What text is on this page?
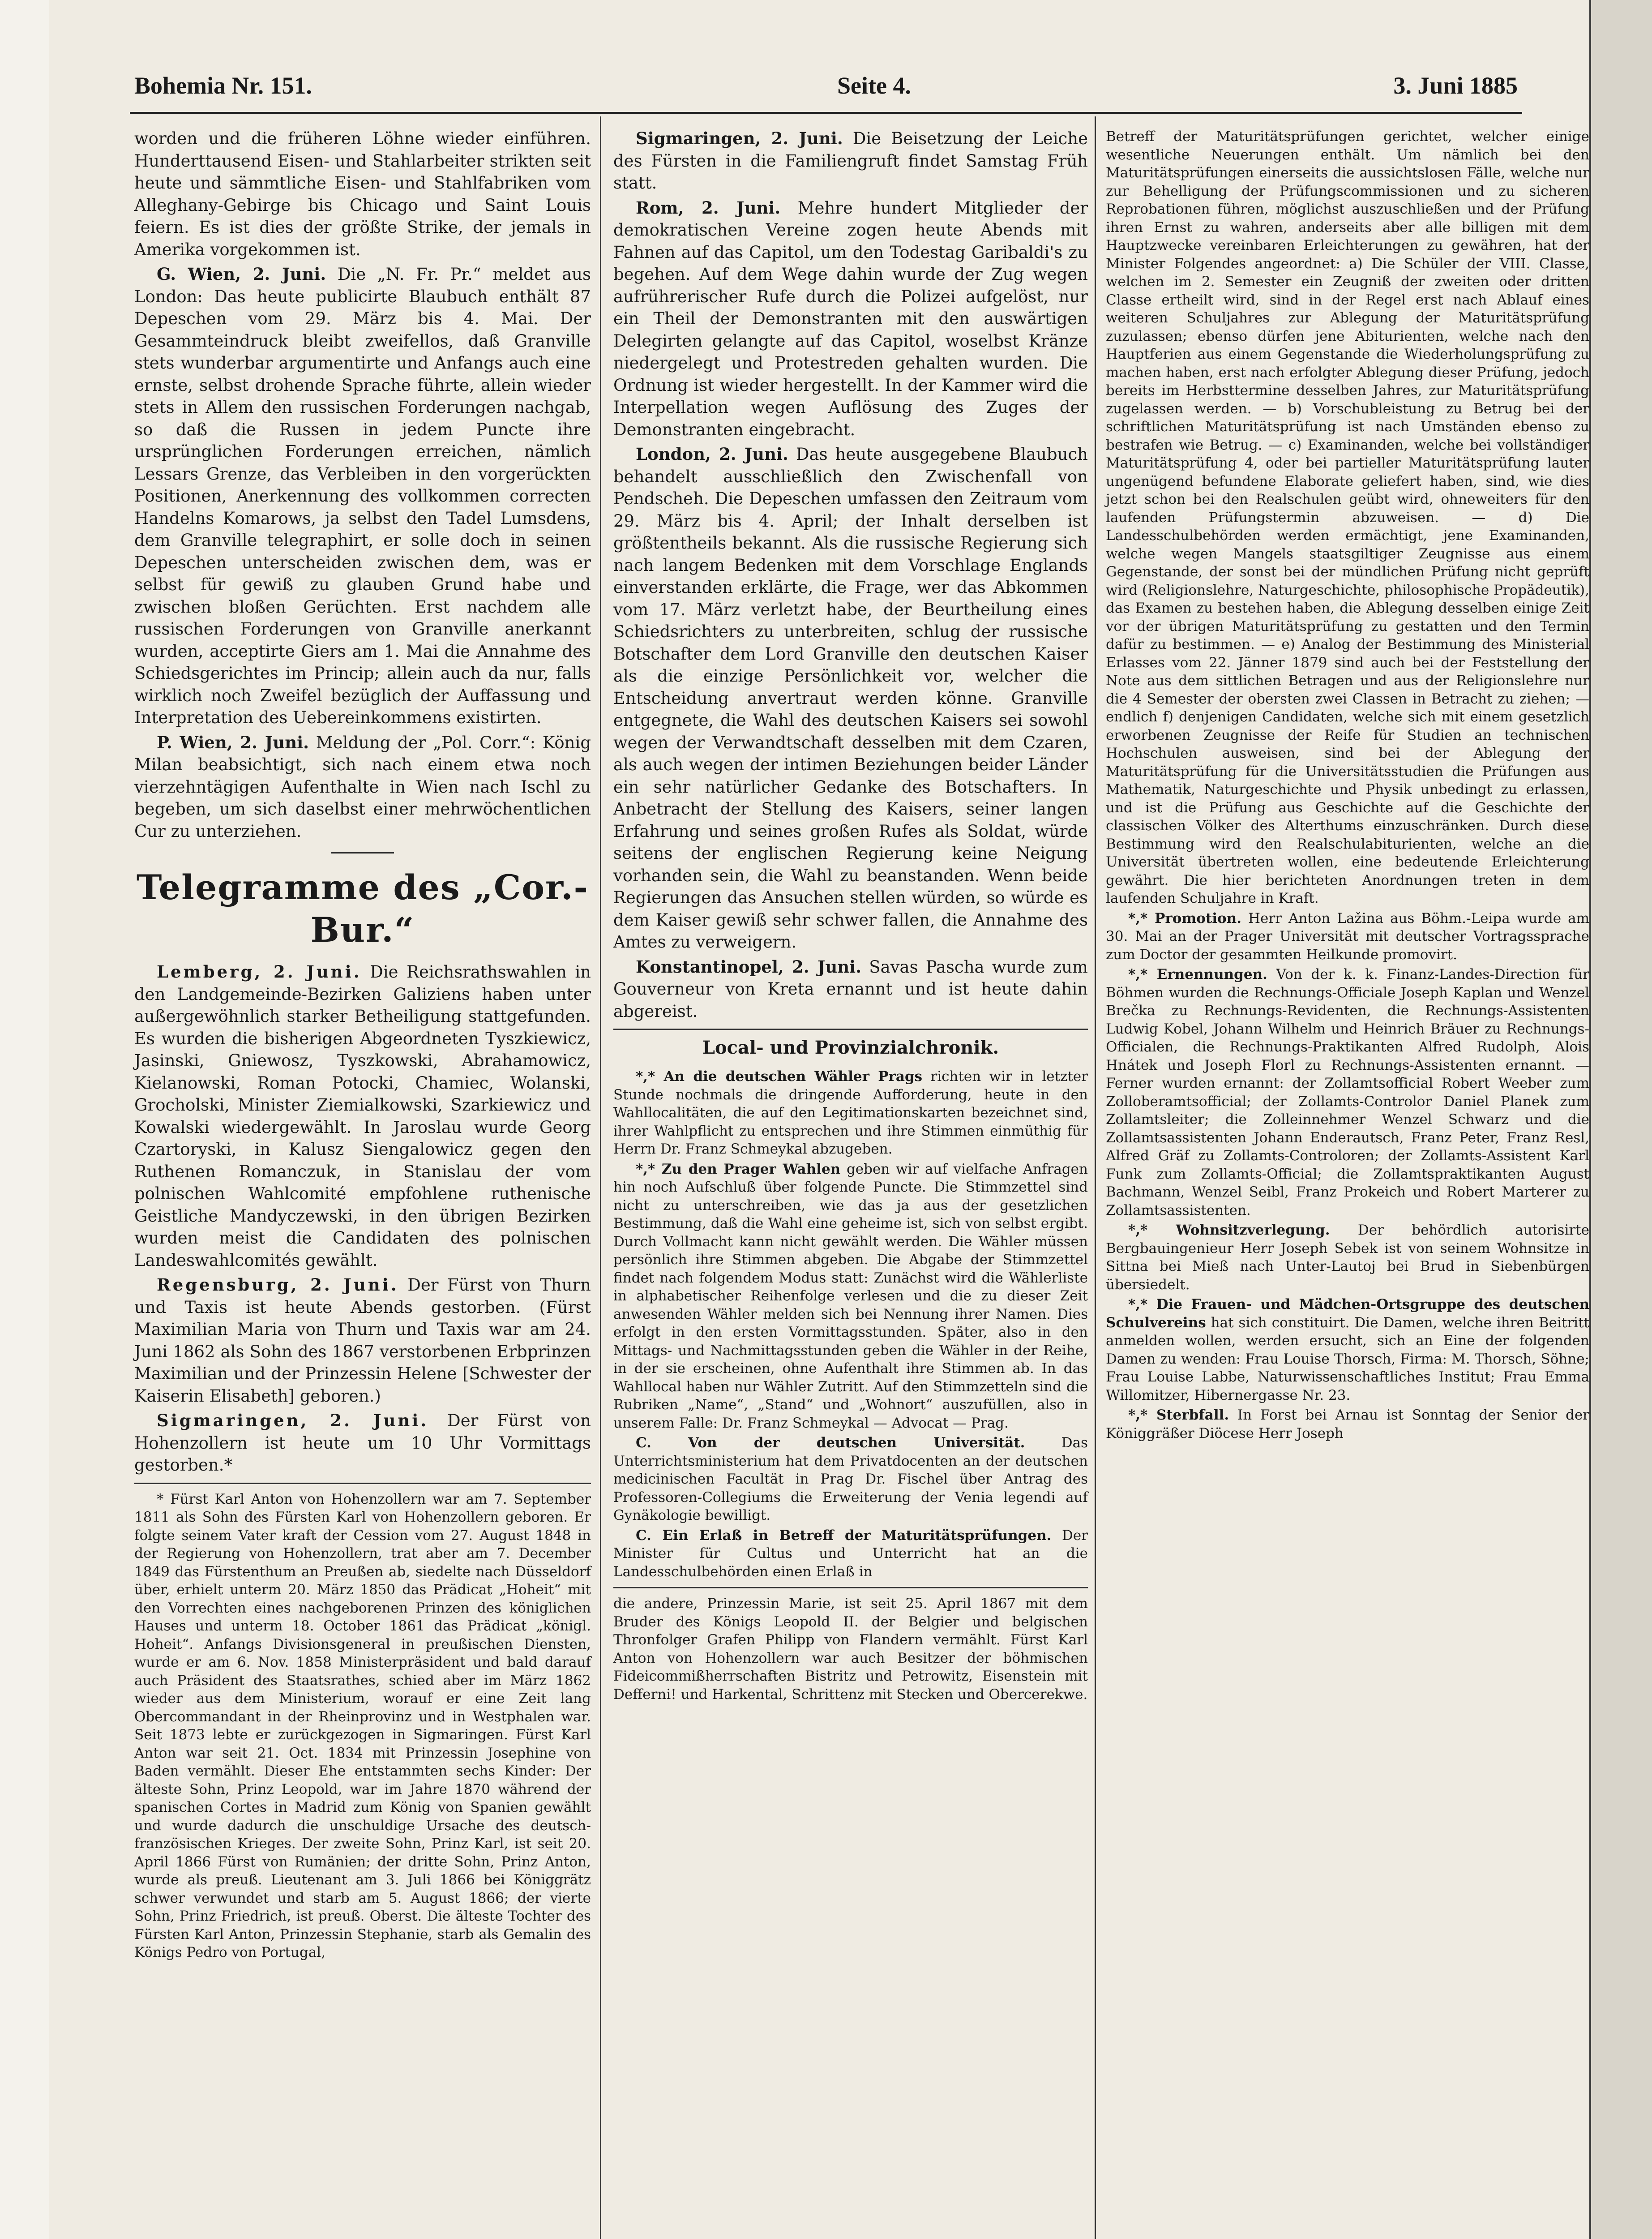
Bohemia Nr. 151.	Seite 4.	3. Juni 1885

worden und die früheren Löhne wieder einführen. Hunderttausend Eisen- und Stahlarbeiter strikten seit heute und sämmtliche Eisen- und Stahlfabriken vom Alleghany-Gebirge bis Chicago und Saint Louis feiern. Es ist dies der größte Strike, der jemals in Amerika vorgekommen ist.

G. Wien, 2. Juni. Die „N. Fr. Pr.“ meldet aus London: Das heute publicirte Blaubuch enthält 87 Depeschen vom 29. März bis 4. Mai. Der Gesammteindruck bleibt zweifellos, daß Granville stets wunderbar argumentirte und Anfangs auch eine ernste, selbst drohende Sprache führte, allein wieder stets in Allem den russischen Forderungen nachgab, so daß die Russen in jedem Puncte ihre ursprünglichen Forderungen erreichen, nämlich Lessars Grenze, das Verbleiben in den vorgerückten Positionen, Anerkennung des vollkommen correcten Handelns Komarows, ja selbst den Tadel Lumsdens, dem Granville telegraphirt, er solle doch in seinen Depeschen unterscheiden zwischen dem, was er selbst für gewiß zu glauben Grund habe und zwischen bloßen Gerüchten. Erst nachdem alle russischen Forderungen von Granville anerkannt wurden, acceptirte Giers am 1. Mai die Annahme des Schiedsgerichtes im Princip; allein auch da nur, falls wirklich noch Zweifel bezüglich der Auffassung und Interpretation des Uebereinkommens existirten.

P. Wien, 2. Juni. Meldung der „Pol. Corr.“: König Milan beabsichtigt, sich nach einem etwa noch vierzehntägigen Aufenthalte in Wien nach Ischl zu begeben, um sich daselbst einer mehrwöchentlichen Cur zu unterziehen.

Telegramme des „Cor.-Bur.“

Lemberg, 2. Juni. Die Reichsrathswahlen in den Landgemeinde-Bezirken Galiziens haben unter außergewöhnlich starker Betheiligung stattgefunden. Es wurden die bisherigen Abgeordneten Tyszkiewicz, Jasinski, Gniewosz, Tyszkowski, Abrahamowicz, Kielanowski, Roman Potocki, Chamiec, Wolanski, Grocholski, Minister Ziemialkowski, Szarkiewicz und Kowalski wiedergewählt. In Jaroslau wurde Georg Czartoryski, in Kalusz Siengalowicz gegen den Ruthenen Romanczuk, in Stanislau der vom polnischen Wahlcomité empfohlene ruthenische Geistliche Mandyczewski, in den übrigen Bezirken wurden meist die Candidaten des polnischen Landeswahlcomités gewählt.

Regensburg, 2. Juni. Der Fürst von Thurn und Taxis ist heute Abends gestorben. (Fürst Maximilian Maria von Thurn und Taxis war am 24. Juni 1862 als Sohn des 1867 verstorbenen Erbprinzen Maximilian und der Prinzessin Helene [Schwester der Kaiserin Elisabeth] geboren.)

Sigmaringen, 2. Juni. Der Fürst von Hohenzollern ist heute um 10 Uhr Vormittags gestorben.*

* Fürst Karl Anton von Hohenzollern war am 7. September 1811 als Sohn des Fürsten Karl von Hohenzollern geboren. Er folgte seinem Vater kraft der Cession vom 27. August 1848 in der Regierung von Hohenzollern, trat aber am 7. December 1849 das Fürstenthum an Preußen ab, siedelte nach Düsseldorf über, erhielt unterm 20. März 1850 das Prädicat „Hoheit“ mit den Vorrechten eines nachgeborenen Prinzen des königlichen Hauses und unterm 18. October 1861 das Prädicat „königl. Hoheit“. Anfangs Divisionsgeneral in preußischen Diensten, wurde er am 6. Nov. 1858 Ministerpräsident und bald darauf auch Präsident des Staatsrathes, schied aber im März 1862 wieder aus dem Ministerium, worauf er eine Zeit lang Obercommandant in der Rheinprovinz und in Westphalen war. Seit 1873 lebte er zurückgezogen in Sigmaringen. Fürst Karl Anton war seit 21. Oct. 1834 mit Prinzessin Josephine von Baden vermählt. Dieser Ehe entstammten sechs Kinder: Der älteste Sohn, Prinz Leopold, war im Jahre 1870 während der spanischen Cortes in Madrid zum König von Spanien gewählt und wurde dadurch die unschuldige Ursache des deutsch-französischen Krieges. Der zweite Sohn, Prinz Karl, ist seit 20. April 1866 Fürst von Rumänien; der dritte Sohn, Prinz Anton, wurde als preuß. Lieutenant am 3. Juli 1866 bei Königgrätz schwer verwundet und starb am 5. August 1866; der vierte Sohn, Prinz Friedrich, ist preuß. Oberst. Die älteste Tochter des Fürsten Karl Anton, Prinzessin Stephanie, starb als Gemalin des Königs Pedro von Portugal,

Sigmaringen, 2. Juni. Die Beisetzung der Leiche des Fürsten in die Familiengruft findet Samstag Früh statt.

Rom, 2. Juni. Mehre hundert Mitglieder der demokratischen Vereine zogen heute Abends mit Fahnen auf das Capitol, um den Todestag Garibaldi's zu begehen. Auf dem Wege dahin wurde der Zug wegen aufrührerischer Rufe durch die Polizei aufgelöst, nur ein Theil der Demonstranten mit den auswärtigen Delegirten gelangte auf das Capitol, woselbst Kränze niedergelegt und Protestreden gehalten wurden. Die Ordnung ist wieder hergestellt. In der Kammer wird die Interpellation wegen Auflösung des Zuges der Demonstranten eingebracht.

London, 2. Juni. Das heute ausgegebene Blaubuch behandelt ausschließlich den Zwischenfall von Pendscheh. Die Depeschen umfassen den Zeitraum vom 29. März bis 4. April; der Inhalt derselben ist größtentheils bekannt. Als die russische Regierung sich nach langem Bedenken mit dem Vorschlage Englands einverstanden erklärte, die Frage, wer das Abkommen vom 17. März verletzt habe, der Beurtheilung eines Schiedsrichters zu unterbreiten, schlug der russische Botschafter dem Lord Granville den deutschen Kaiser als die einzige Persönlichkeit vor, welcher die Entscheidung anvertraut werden könne. Granville entgegnete, die Wahl des deutschen Kaisers sei sowohl wegen der Verwandtschaft desselben mit dem Czaren, als auch wegen der intimen Beziehungen beider Länder ein sehr natürlicher Gedanke des Botschafters. In Anbetracht der Stellung des Kaisers, seiner langen Erfahrung und seines großen Rufes als Soldat, würde seitens der englischen Regierung keine Neigung vorhanden sein, die Wahl zu beanstanden. Wenn beide Regierungen das Ansuchen stellen würden, so würde es dem Kaiser gewiß sehr schwer fallen, die Annahme des Amtes zu verweigern.

Konstantinopel, 2. Juni. Savas Pascha wurde zum Gouverneur von Kreta ernannt und ist heute dahin abgereist.

Local- und Provinzialchronik.

*,* An die deutschen Wähler Prags richten wir in letzter Stunde nochmals die dringende Aufforderung, heute in den Wahllocalitäten, die auf den Legitimationskarten bezeichnet sind, ihrer Wahlpflicht zu entsprechen und ihre Stimmen einmüthig für Herrn Dr. Franz Schmeykal abzugeben.

*,* Zu den Prager Wahlen geben wir auf vielfache Anfragen hin noch Aufschluß über folgende Puncte. Die Stimmzettel sind nicht zu unterschreiben, wie das ja aus der gesetzlichen Bestimmung, daß die Wahl eine geheime ist, sich von selbst ergibt. Durch Vollmacht kann nicht gewählt werden. Die Wähler müssen persönlich ihre Stimmen abgeben. Die Abgabe der Stimmzettel findet nach folgendem Modus statt: Zunächst wird die Wählerliste in alphabetischer Reihenfolge verlesen und die zu dieser Zeit anwesenden Wähler melden sich bei Nennung ihrer Namen. Dies erfolgt in den ersten Vormittagsstunden. Später, also in den Mittags- und Nachmittagsstunden geben die Wähler in der Reihe, in der sie erscheinen, ohne Aufenthalt ihre Stimmen ab. In das Wahllocal haben nur Wähler Zutritt. Auf den Stimmzetteln sind die Rubriken „Name“, „Stand“ und „Wohnort“ auszufüllen, also in unserem Falle: Dr. Franz Schmeykal — Advocat — Prag.

C. Von der deutschen Universität.	Das Unterrichtsministerium hat dem Privatdocenten an der deutschen medicinischen Facultät in Prag Dr. Fischel über Antrag des Professoren-Collegiums die Erweiterung der Venia legendi auf Gynäkologie bewilligt.

C. Ein Erlaß in Betreff der Maturitätsprüfungen. Der Minister für Cultus und Unterricht hat an die Landesschulbehörden einen Erlaß in

die andere, Prinzessin Marie, ist seit 25. April 1867 mit dem Bruder des Königs Leopold II. der Belgier und belgischen Thronfolger Grafen Philipp von Flandern vermählt. Fürst Karl Anton von Hohenzollern war auch Besitzer der böhmischen Fideicommißherrschaften Bistritz und Petrowitz, Eisenstein mit Defferni! und Harkental, Schrittenz mit Stecken und Obercerekwe.

Betreff der Maturitätsprüfungen gerichtet, welcher einige wesentliche Neuerungen enthält. Um nämlich bei den Maturitätsprüfungen einerseits die aussichtslosen Fälle, welche nur zur Behelligung der Prüfungscommissionen und zu sicheren Reprobationen führen, möglichst auszuschließen und der Prüfung ihren Ernst zu wahren, anderseits aber alle billigen mit dem Hauptzwecke vereinbaren Erleichterungen zu gewähren, hat der Minister Folgendes angeordnet: a) Die Schüler der VIII. Classe, welchen im 2. Semester ein Zeugniß der zweiten oder dritten Classe ertheilt wird, sind in der Regel erst nach Ablauf eines weiteren Schuljahres zur Ablegung der Maturitätsprüfung zuzulassen; ebenso dürfen jene Abiturienten, welche nach den Hauptferien aus einem Gegenstande die Wiederholungsprüfung zu machen haben, erst nach erfolgter Ablegung dieser Prüfung, jedoch bereits im Herbsttermine desselben Jahres, zur Maturitätsprüfung zugelassen werden. — b) Vorschubleistung zu Betrug bei der schriftlichen Maturitätsprüfung ist nach Umständen ebenso zu bestrafen wie Betrug. — c) Examinanden, welche bei vollständiger Maturitätsprüfung 4, oder bei partieller Maturitätsprüfung lauter ungenügend befundene Elaborate geliefert haben, sind, wie dies jetzt schon bei den Realschulen geübt wird, ohneweiters für den laufenden Prüfungstermin abzuweisen. — d) Die Landesschulbehörden werden ermächtigt, jene Examinanden, welche wegen Mangels staatsgiltiger Zeugnisse aus einem Gegenstande, der sonst bei der mündlichen Prüfung nicht geprüft wird (Religionslehre, Naturgeschichte, philosophische Propädeutik), das Examen zu bestehen haben, die Ablegung desselben einige Zeit vor der übrigen Maturitätsprüfung zu gestatten und den Termin dafür zu bestimmen. — e) Analog der Bestimmung des Ministerial Erlasses vom 22. Jänner 1879 sind auch bei der Feststellung der Note aus dem sittlichen Betragen und aus der Religionslehre nur die 4 Semester der obersten zwei Classen in Betracht zu ziehen; — endlich f) denjenigen Candidaten, welche sich mit einem gesetzlich erworbenen Zeugnisse der Reife für Studien an technischen Hochschulen ausweisen, sind bei der Ablegung der Maturitätsprüfung für die Universitätsstudien die Prüfungen aus Mathematik, Naturgeschichte und Physik unbedingt zu erlassen, und ist die Prüfung aus Geschichte auf die Geschichte der classischen Völker des Alterthums einzuschränken. Durch diese Bestimmung wird den Realschulabiturienten, welche an die Universität übertreten wollen, eine bedeutende Erleichterung gewährt. Die hier berichteten Anordnungen treten in dem laufenden Schuljahre in Kraft.

*,* Promotion. Herr Anton Lažina aus Böhm.-Leipa wurde am 30. Mai an der Prager Universität mit deutscher Vortragssprache zum Doctor der gesammten Heilkunde promovirt.

*,* Ernennungen. Von der k. k. Finanz-Landes-Direction für Böhmen wurden die Rechnungs-Officiale Joseph Kaplan und Wenzel Brečka zu Rechnungs-Revidenten, die Rechnungs-Assistenten Ludwig Kobel, Johann Wilhelm und Heinrich Bräuer zu Rechnungs-Officialen, die Rechnungs-Praktikanten Alfred Rudolph, Alois Hnátek und Joseph Florl zu Rechnungs-Assistenten ernannt. — Ferner wurden ernannt: der Zollamtsofficial Robert Weeber zum Zolloberamtsofficial; der Zollamts-Controlor Daniel Planek zum Zollamtsleiter; die Zolleinnehmer Wenzel Schwarz und die Zollamtsassistenten Johann Enderautsch, Franz Peter, Franz Resl, Alfred Gräf zu Zollamts-Controloren; der Zollamts-Assistent Karl Funk zum Zollamts-Official; die Zollamtspraktikanten August Bachmann, Wenzel Seibl, Franz Prokeich und Robert Marterer zu Zollamtsassistenten.

*,* Wohnsitzverlegung. Der behördlich autorisirte Bergbauingenieur Herr Joseph Sebek ist von seinem Wohnsitze in Sittna bei Mieß nach Unter-Lautoj bei Brud in Siebenbürgen übersiedelt.

*,* Die Frauen- und Mädchen-Ortsgruppe des deutschen Schulvereins hat sich constituirt. Die Damen, welche ihren Beitritt anmelden wollen, werden ersucht, sich an Eine der folgenden Damen zu wenden: Frau Louise Thorsch, Firma: M. Thorsch, Söhne; Frau Louise Labbe, Naturwissenschaftliches Institut; Frau Emma Willomitzer, Hibernergasse Nr. 23.

*,* Sterbfall. In Forst bei Arnau ist Sonntag der Senior der Königgräßer Diöcese Herr Joseph
